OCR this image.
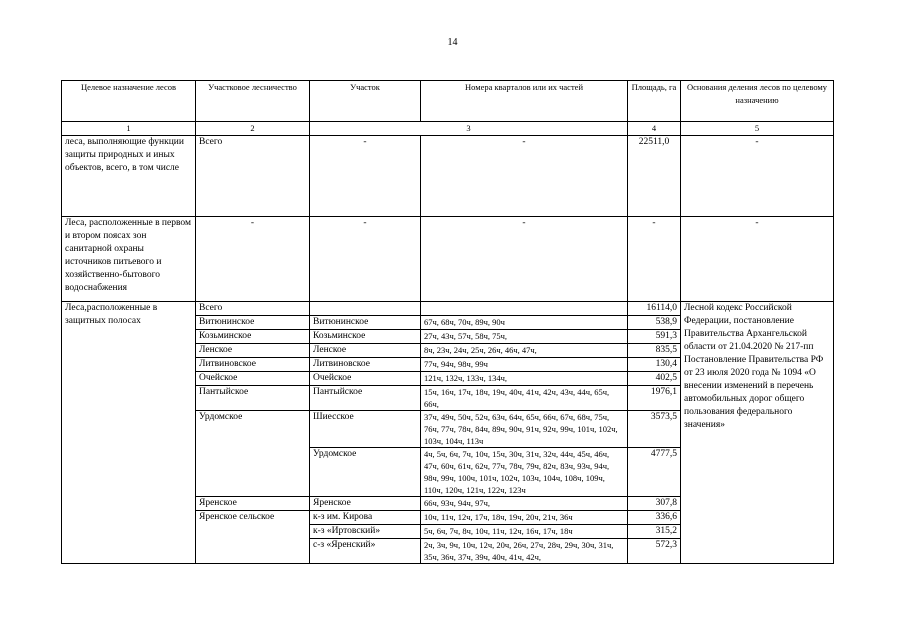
14
Целевое назначение лесов	Участковое лесничество	Участок	Номера кварталов или их частей	Площадь, га	Основания деления лесов по целевому назначению
1	2	3		4	5
леса, выполняющие функции защиты природных и иных объектов, всего, в том числе	Всего	-	-	22511,0	-
Леса, расположенные в первом и втором поясах зон санитарной охраны источников питьевого и хозяйственно-бытового водоснабжения	-	-	-	-	-
Леса,расположенные в защитных полосах	Всего			16114,0	Лесной кодекс Российской Федерации, постановление Правительства Архангельской области от 21.04.2020 № 217-пп Постановление Правительства РФ от 23 июля 2020 года № 1094 «О внесении изменений в перечень автомобильных дорог общего пользования федерального значения»
	Витюнинское	Витюнинское	67ч, 68ч, 70ч, 89ч, 90ч	538,9	
	Козьминское	Козьминское	27ч, 43ч, 57ч, 58ч, 75ч,	591,3	
	Ленское	Ленское	8ч, 23ч, 24ч, 25ч, 26ч, 46ч, 47ч,	835,5	
	Литвиновское	Литвиновское	77ч, 94ч, 98ч, 99ч	130,4	
	Очейское	Очейское	121ч, 132ч, 133ч, 134ч,	402,5	
	Пантыйское	Пантыйское	15ч, 16ч, 17ч, 18ч, 19ч, 40ч, 41ч, 42ч, 43ч, 44ч, 65ч, 66ч,	1976,1	
	Урдомское	Шиесское	37ч, 49ч, 50ч, 52ч, 63ч, 64ч, 65ч, 66ч, 67ч, 68ч, 75ч, 76ч, 77ч, 78ч, 84ч, 89ч, 90ч, 91ч, 92ч, 99ч, 101ч, 102ч, 103ч, 104ч, 113ч	3573,5	
		Урдомское	4ч, 5ч, 6ч, 7ч, 10ч, 15ч, 30ч, 31ч, 32ч, 44ч, 45ч, 46ч, 47ч, 60ч, 61ч, 62ч, 77ч, 78ч, 79ч, 82ч, 83ч, 93ч, 94ч, 98ч, 99ч, 100ч, 101ч, 102ч, 103ч, 104ч, 108ч, 109ч, 110ч, 120ч, 121ч, 122ч, 123ч	4777,5	
	Яренское	Яренское	66ч, 93ч, 94ч, 97ч,	307,8	
	Яренское сельское	к-з им. Кирова	10ч, 11ч, 12ч, 17ч, 18ч, 19ч, 20ч, 21ч, 36ч	336,6	
		к-з «Иртовский»	5ч, 6ч, 7ч, 8ч, 10ч, 11ч, 12ч, 16ч, 17ч, 18ч	315,2	
		с-з «Яренский»	2ч, 3ч, 9ч, 10ч, 12ч, 20ч, 26ч, 27ч, 28ч, 29ч, 30ч, 31ч, 35ч, 36ч, 37ч, 39ч, 40ч, 41ч, 42ч,	572,3	
